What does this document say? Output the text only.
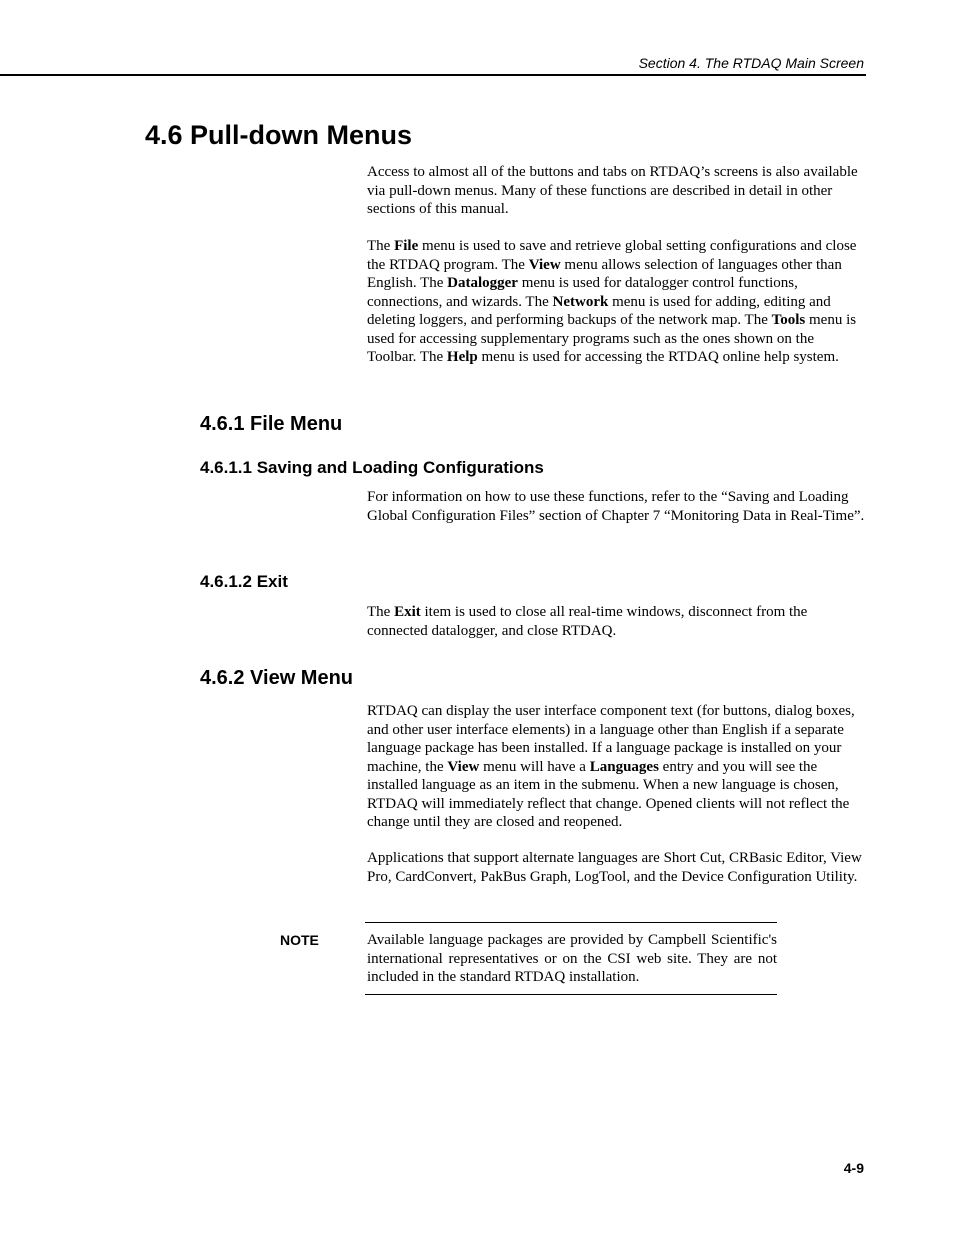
Section 4. The RTDAQ Main Screen
4.6 Pull-down Menus

Access to almost all of the buttons and tabs on RTDAQ’s screens is also available via pull-down menus. Many of these functions are described in detail in other sections of this manual.

The File menu is used to save and retrieve global setting configurations and close the RTDAQ program. The View menu allows selection of languages other than English. The Datalogger menu is used for datalogger control functions, connections, and wizards. The Network menu is used for adding, editing and deleting loggers, and performing backups of the network map. The Tools menu is used for accessing supplementary programs such as the ones shown on the Toolbar. The Help menu is used for accessing the RTDAQ online help system.

4.6.1 File Menu
4.6.1.1 Saving and Loading Configurations

For information on how to use these functions, refer to the “Saving and Loading Global Configuration Files” section of Chapter 7 “Monitoring Data in Real-Time”.

4.6.1.2 Exit

The Exit item is used to close all real-time windows, disconnect from the connected datalogger, and close RTDAQ.

4.6.2 View Menu

RTDAQ can display the user interface component text (for buttons, dialog boxes, and other user interface elements) in a language other than English if a separate language package has been installed. If a language package is installed on your machine, the View menu will have a Languages entry and you will see the installed language as an item in the submenu. When a new language is chosen, RTDAQ will immediately reflect that change. Opened clients will not reflect the change until they are closed and reopened.

Applications that support alternate languages are Short Cut, CRBasic Editor, View Pro, CardConvert, PakBus Graph, LogTool, and the Device Configuration Utility.

NOTE	Available language packages are provided by Campbell Scientific's international representatives or on the CSI web site. They are not included in the standard RTDAQ installation.

4-9
